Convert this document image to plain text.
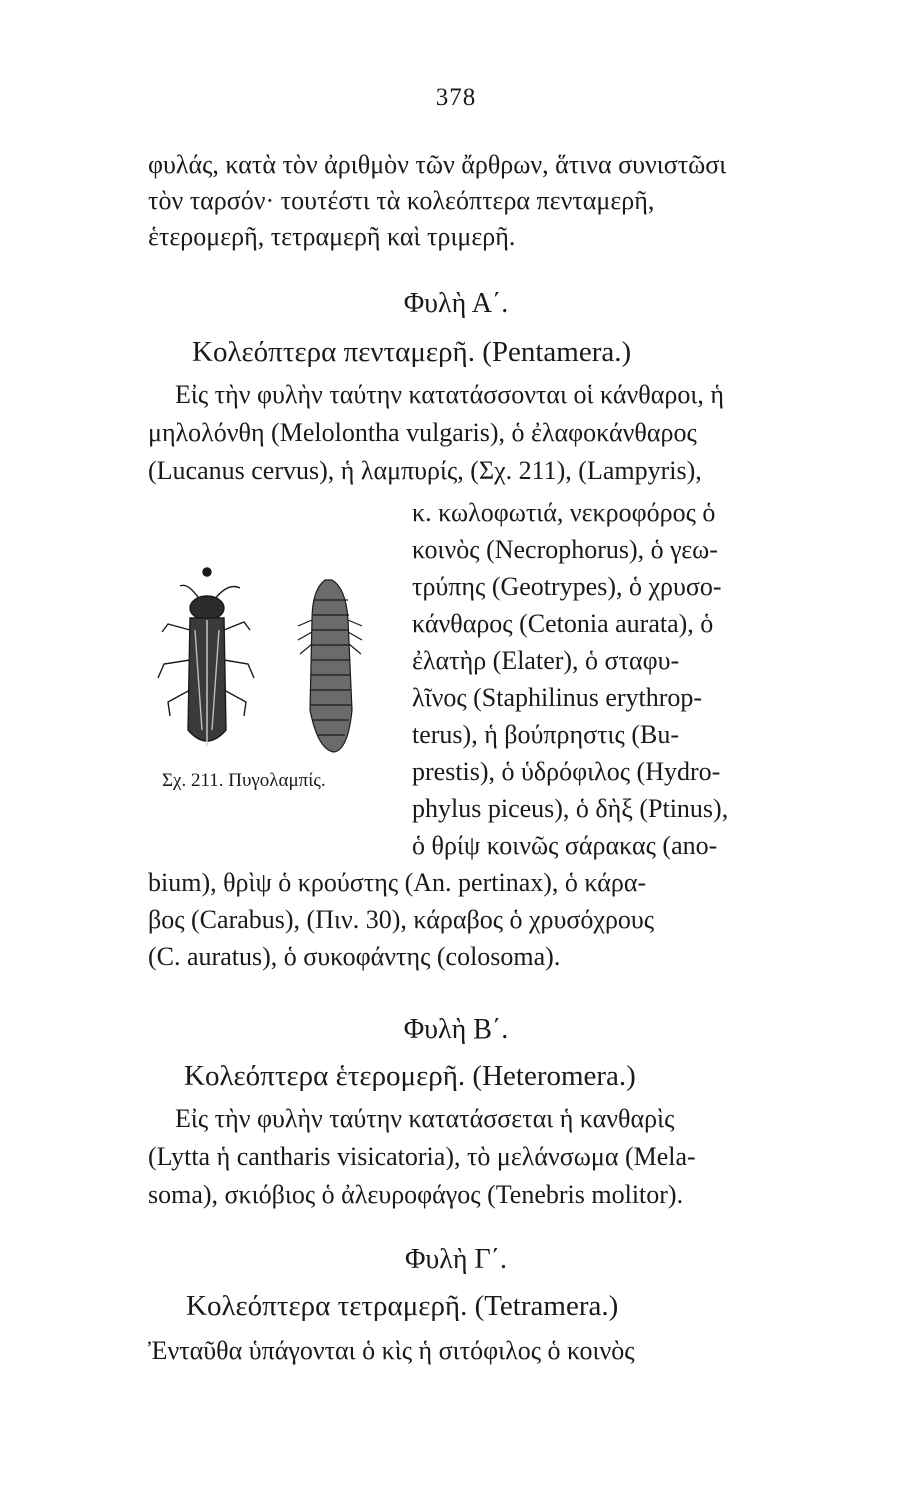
378
φυλάς, κατὰ τὸν ἀριθμὸν τῶν ἄρθρων, ἅτινα συνιστῶσι
τὸν ταρσόν· τουτέστι τὰ κολεόπτερα πενταμερῆ,
ἑτερομερῆ, τετραμερῆ καὶ τριμερῆ.
Φυλὴ Α΄.
Κολεόπτερα πενταμερῆ. (Pentamera.)
Εἰς τὴν φυλὴν ταύτην κατατάσσονται οἱ κάνθαροι, ἡ
μηλολόνθη (Melolontha vulgaris), ὁ ἐλαφοκάνθαρος
(Lucanus cervus), ἡ λαμπυρίς, (Σχ. 211), (Lampyris),
κ. κωλοφωτιά, νεκροφόρος ὁ
κοινὸς (Necrophorus), ὁ γεω-
τρύπης (Geotrypes), ὁ χρυσο-
κάνθαρος (Cetonia aurata), ὁ
ἐλατὴρ (Elater), ὁ σταφυ-
λῖνος (Staphilinus erythrop-
terus), ἡ βούπρηστις (Bu-
prestis), ὁ ὑδρόφιλος (Hydro-
phylus piceus), ὁ δὴξ (Ptinus),
ὁ θρίψ κοινῶς σάρακας (ano-
bium), θρὶψ ὁ κρούστης (An. pertinax), ὁ κάρα-
βος (Carabus), (Πιν. 30), κάραβος ὁ χρυσόχρους
(C. auratus), ὁ συκοφάντης (colosoma).
Σχ. 211. Πυγολαμπίς.
Φυλὴ Β΄.
Κολεόπτερα ἑτερομερῆ. (Heteromera.)
Εἰς τὴν φυλὴν ταύτην κατατάσσεται ἡ κανθαρὶς
(Lytta ἡ cantharis visicatoria), τὸ μελάνσωμα (Mela-
soma), σκιόβιος ὁ ἀλευροφάγος (Tenebris molitor).
Φυλὴ Γ΄.
Κολεόπτερα τετραμερῆ. (Tetramera.)
Ἐνταῦθα ὑπάγονται ὁ κὶς ἡ σιτόφιλος ὁ κοινὸς
